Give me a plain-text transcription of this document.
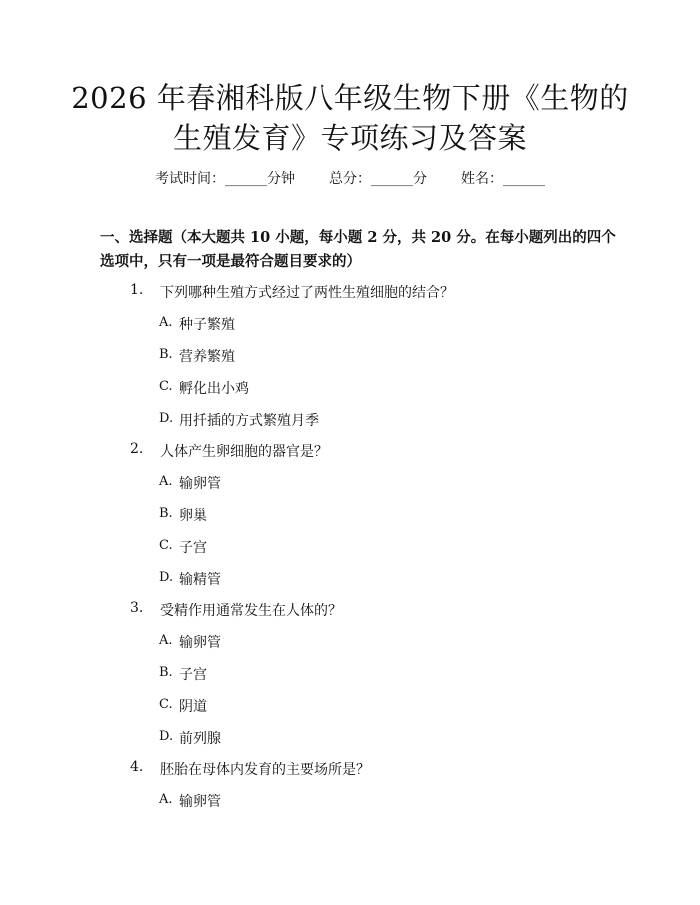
2026 年春湘科版八年级生物下册《生物的生殖发育》专项练习及答案
考试时间：______分钟 总分：______分 姓名：______

一、选择题（本大题共 10 小题，每小题 2 分，共 20 分。在每小题列出的四个选项中，只有一项是最符合题目要求的）

1. 下列哪种生殖方式经过了两性生殖细胞的结合？
A. 种子繁殖
B. 营养繁殖
C. 孵化出小鸡
D. 用扦插的方式繁殖月季
2. 人体产生卵细胞的器官是？
A. 输卵管
B. 卵巢
C. 子宫
D. 输精管
3. 受精作用通常发生在人体的？
A. 输卵管
B. 子宫
C. 阴道
D. 前列腺
4. 胚胎在母体内发育的主要场所是？
A. 输卵管
